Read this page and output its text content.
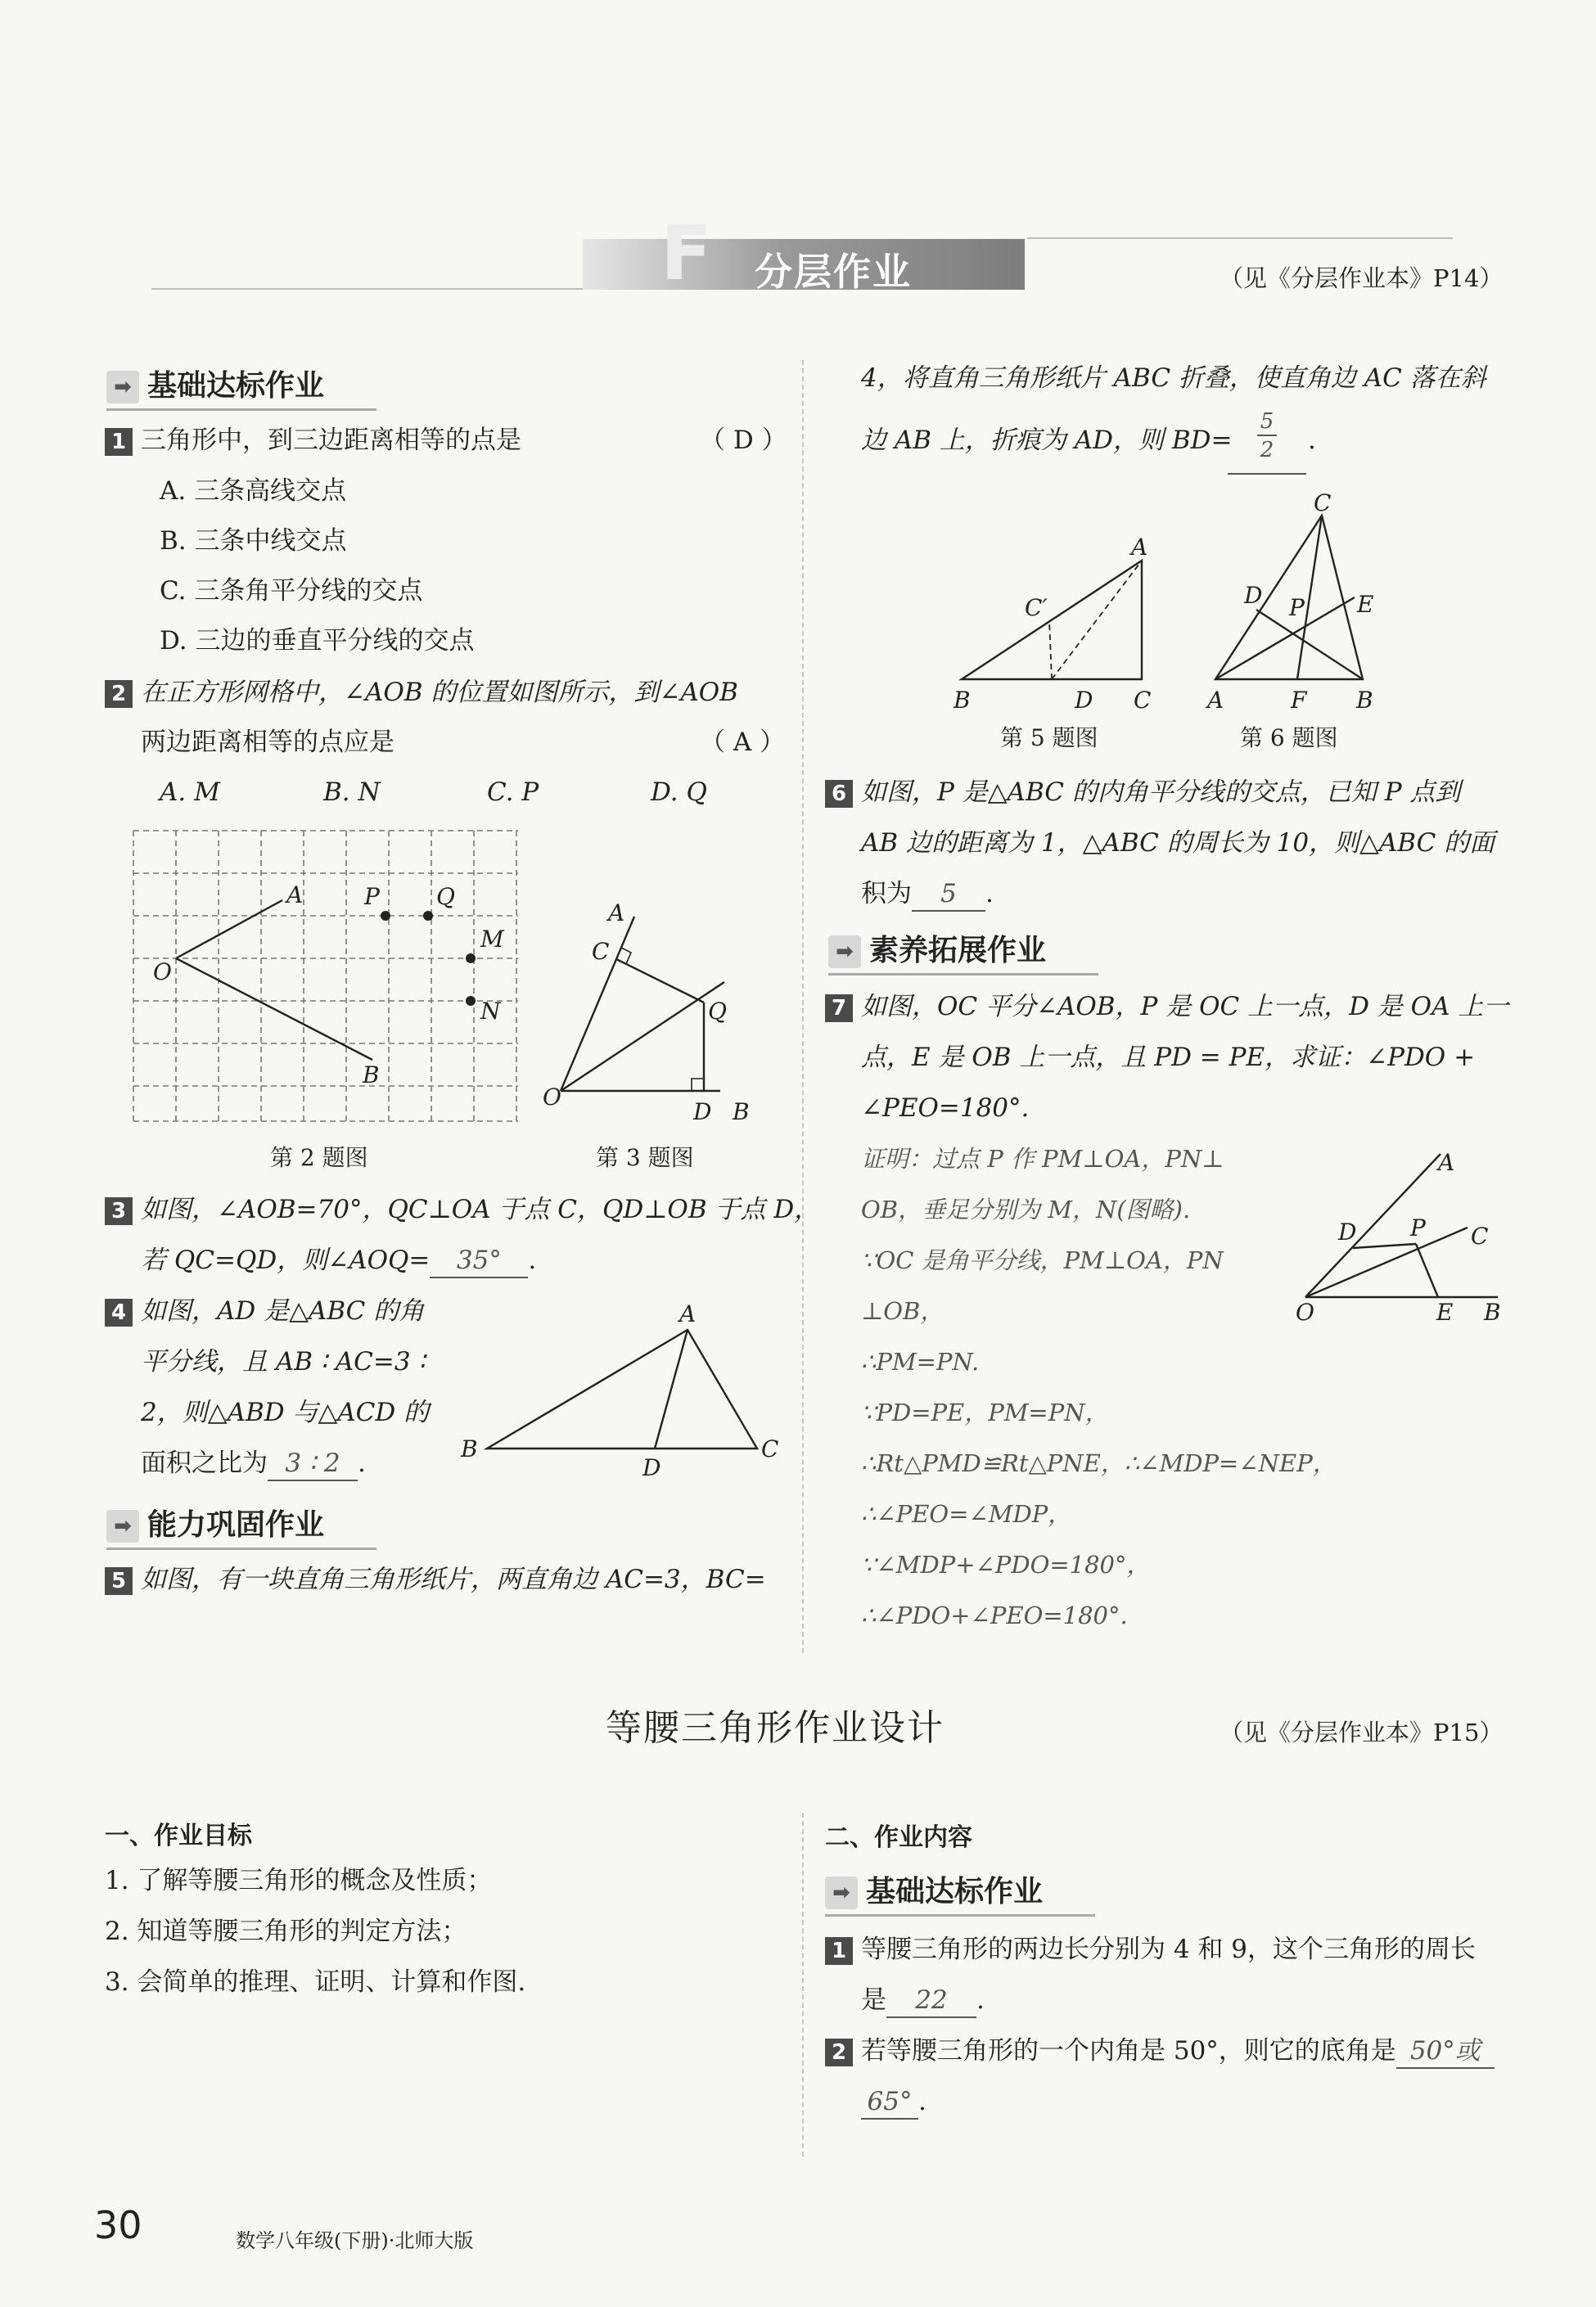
F 分层作业	（见《分层作业本》P14）
➡ 基础达标作业
1 三角形中，到三边距离相等的点是	（ D ）
A. 三条高线交点
B. 三条中线交点
C. 三条角平分线的交点
D. 三边的垂直平分线的交点
2 在正方形网格中，∠AOB 的位置如图所示，到∠AOB
两边距离相等的点应是	（ A ）
A. M	B. N	C. P	D. Q
O
A
B
P Q
M
N
第 2 题图
A
C
Q
O
D B
第 3 题图
3 如图，∠AOB=70°，QC⊥OA 于点 C，QD⊥OB 于点 D，
若 QC=QD，则∠AOQ= 35° .
4 如图，AD 是△ABC 的角
平分线，且 AB ∶ AC=3 ∶
2，则△ABD 与△ACD 的
面积之比为 3 ∶ 2 .
A
B
D
C
➡ 能力巩固作业
5 如图，有一块直角三角形纸片，两直角边 AC=3，BC=
4，将直角三角形纸片 ABC 折叠，使直角边 AC 落在斜
边 AB 上，折痕为 AD，则 BD=
5
2	.
A
C′
B	D C
第 5 题图
C
D P E
A	F B
第 6 题图
6 如图，P 是△ABC 的内角平分线的交点，已知 P 点到
AB 边的距离为 1，△ABC 的周长为 10，则△ABC 的面
积为 5 .
➡ 素养拓展作业
7 如图，OC 平分∠AOB，P 是 OC 上一点，D 是 OA 上一
点，E 是 OB 上一点，且 PD = PE，求证：∠PDO +
∠PEO=180°.
证明：过点 P 作 PM⊥OA，PN⊥
OB，垂足分别为 M，N(图略).
∵OC 是角平分线，PM⊥OA，PN
⊥OB，
∴PM=PN.
∵PD=PE，PM=PN，
∴Rt△PMD≌Rt△PNE，∴∠MDP=∠NEP，
∴∠PEO=∠MDP，
∵∠MDP+∠PDO=180°，
∴∠PDO+∠PEO=180°.
A
D P C
O	E B
等腰三角形作业设计	（见《分层作业本》P15）
一、作业目标
1. 了解等腰三角形的概念及性质；
2. 知道等腰三角形的判定方法；
3. 会简单的推理、证明、计算和作图.
二、作业内容
➡ 基础达标作业
1 等腰三角形的两边长分别为 4 和 9，这个三角形的周长
是 22 .
2 若等腰三角形的一个内角是 50°，则它的底角是 50°或
65° .
30	数学八年级(下册)·北师大版
